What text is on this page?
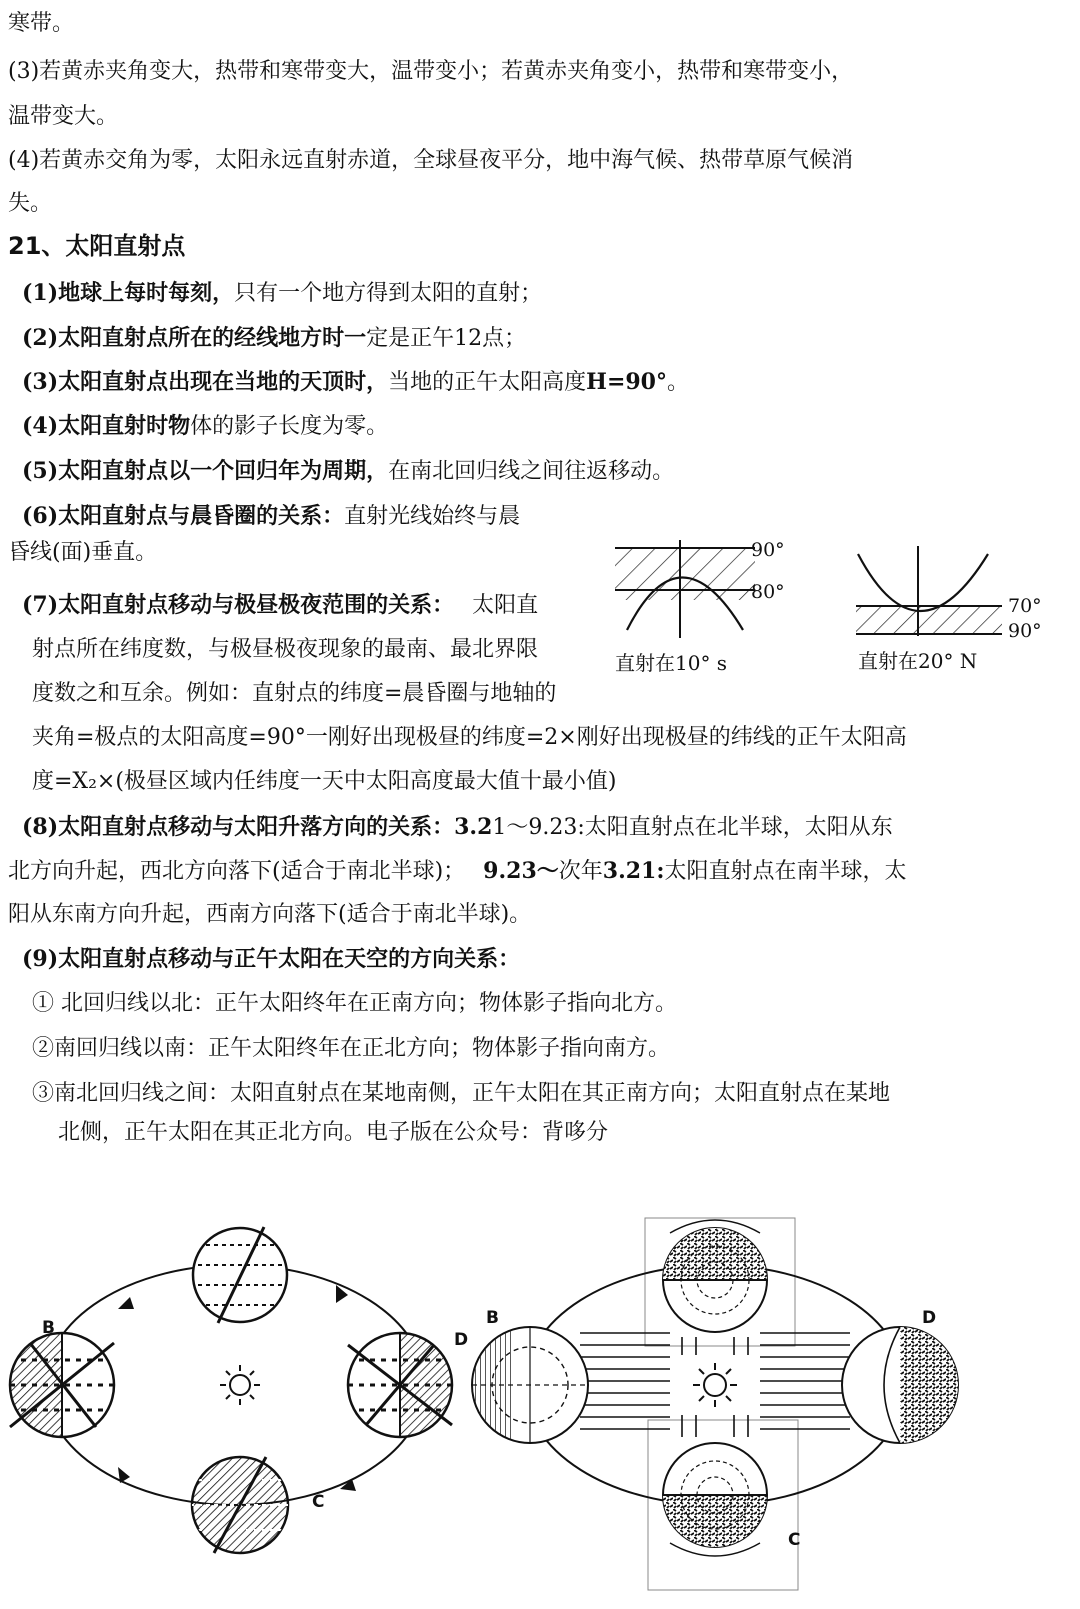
寒带。
(3)若黄赤夹角变大，热带和寒带变大，温带变小；若黄赤夹角变小，热带和寒带变小，
温带变大。
(4)若黄赤交角为零，太阳永远直射赤道，全球昼夜平分，地中海气候、热带草原气候消
失。
21、太阳直射点
(1)地球上每时每刻，只有一个地方得到太阳的直射；
(2)太阳直射点所在的经线地方时一定是正午12点；
(3)太阳直射点出现在当地的天顶时，当地的正午太阳高度H=90°。
(4)太阳直射时物体的影子长度为零。
(5)太阳直射点以一个回归年为周期，在南北回归线之间往返移动。
(6)太阳直射点与晨昏圈的关系：直射光线始终与晨
昏线(面)垂直。
(7)太阳直射点移动与极昼极夜范围的关系： 太阳直
射点所在纬度数，与极昼极夜现象的最南、最北界限
度数之和互余。例如：直射点的纬度=晨昏圈与地轴的
夹角=极点的太阳高度=90°一刚好出现极昼的纬度=2×刚好出现极昼的纬线的正午太阳高
度=X₂×(极昼区域内任纬度一天中太阳高度最大值十最小值)
(8)太阳直射点移动与太阳升落方向的关系：3.21～9.23:太阳直射点在北半球，太阳从东
北方向升起，西北方向落下(适合于南北半球)； 9.23～次年3.21:太阳直射点在南半球，太
阳从东南方向升起，西南方向落下(适合于南北半球)。
(9)太阳直射点移动与正午太阳在天空的方向关系：
① 北回归线以北：正午太阳终年在正南方向；物体影子指向北方。
②南回归线以南：正午太阳终年在正北方向；物体影子指向南方。
③南北回归线之间：太阳直射点在某地南侧，正午太阳在其正南方向；太阳直射点在某地
北侧，正午太阳在其正北方向。电子版在公众号：背哆分
90°
80°
直射在10° s
70°
90°
直射在20° N
B
D
C
B	D
C
